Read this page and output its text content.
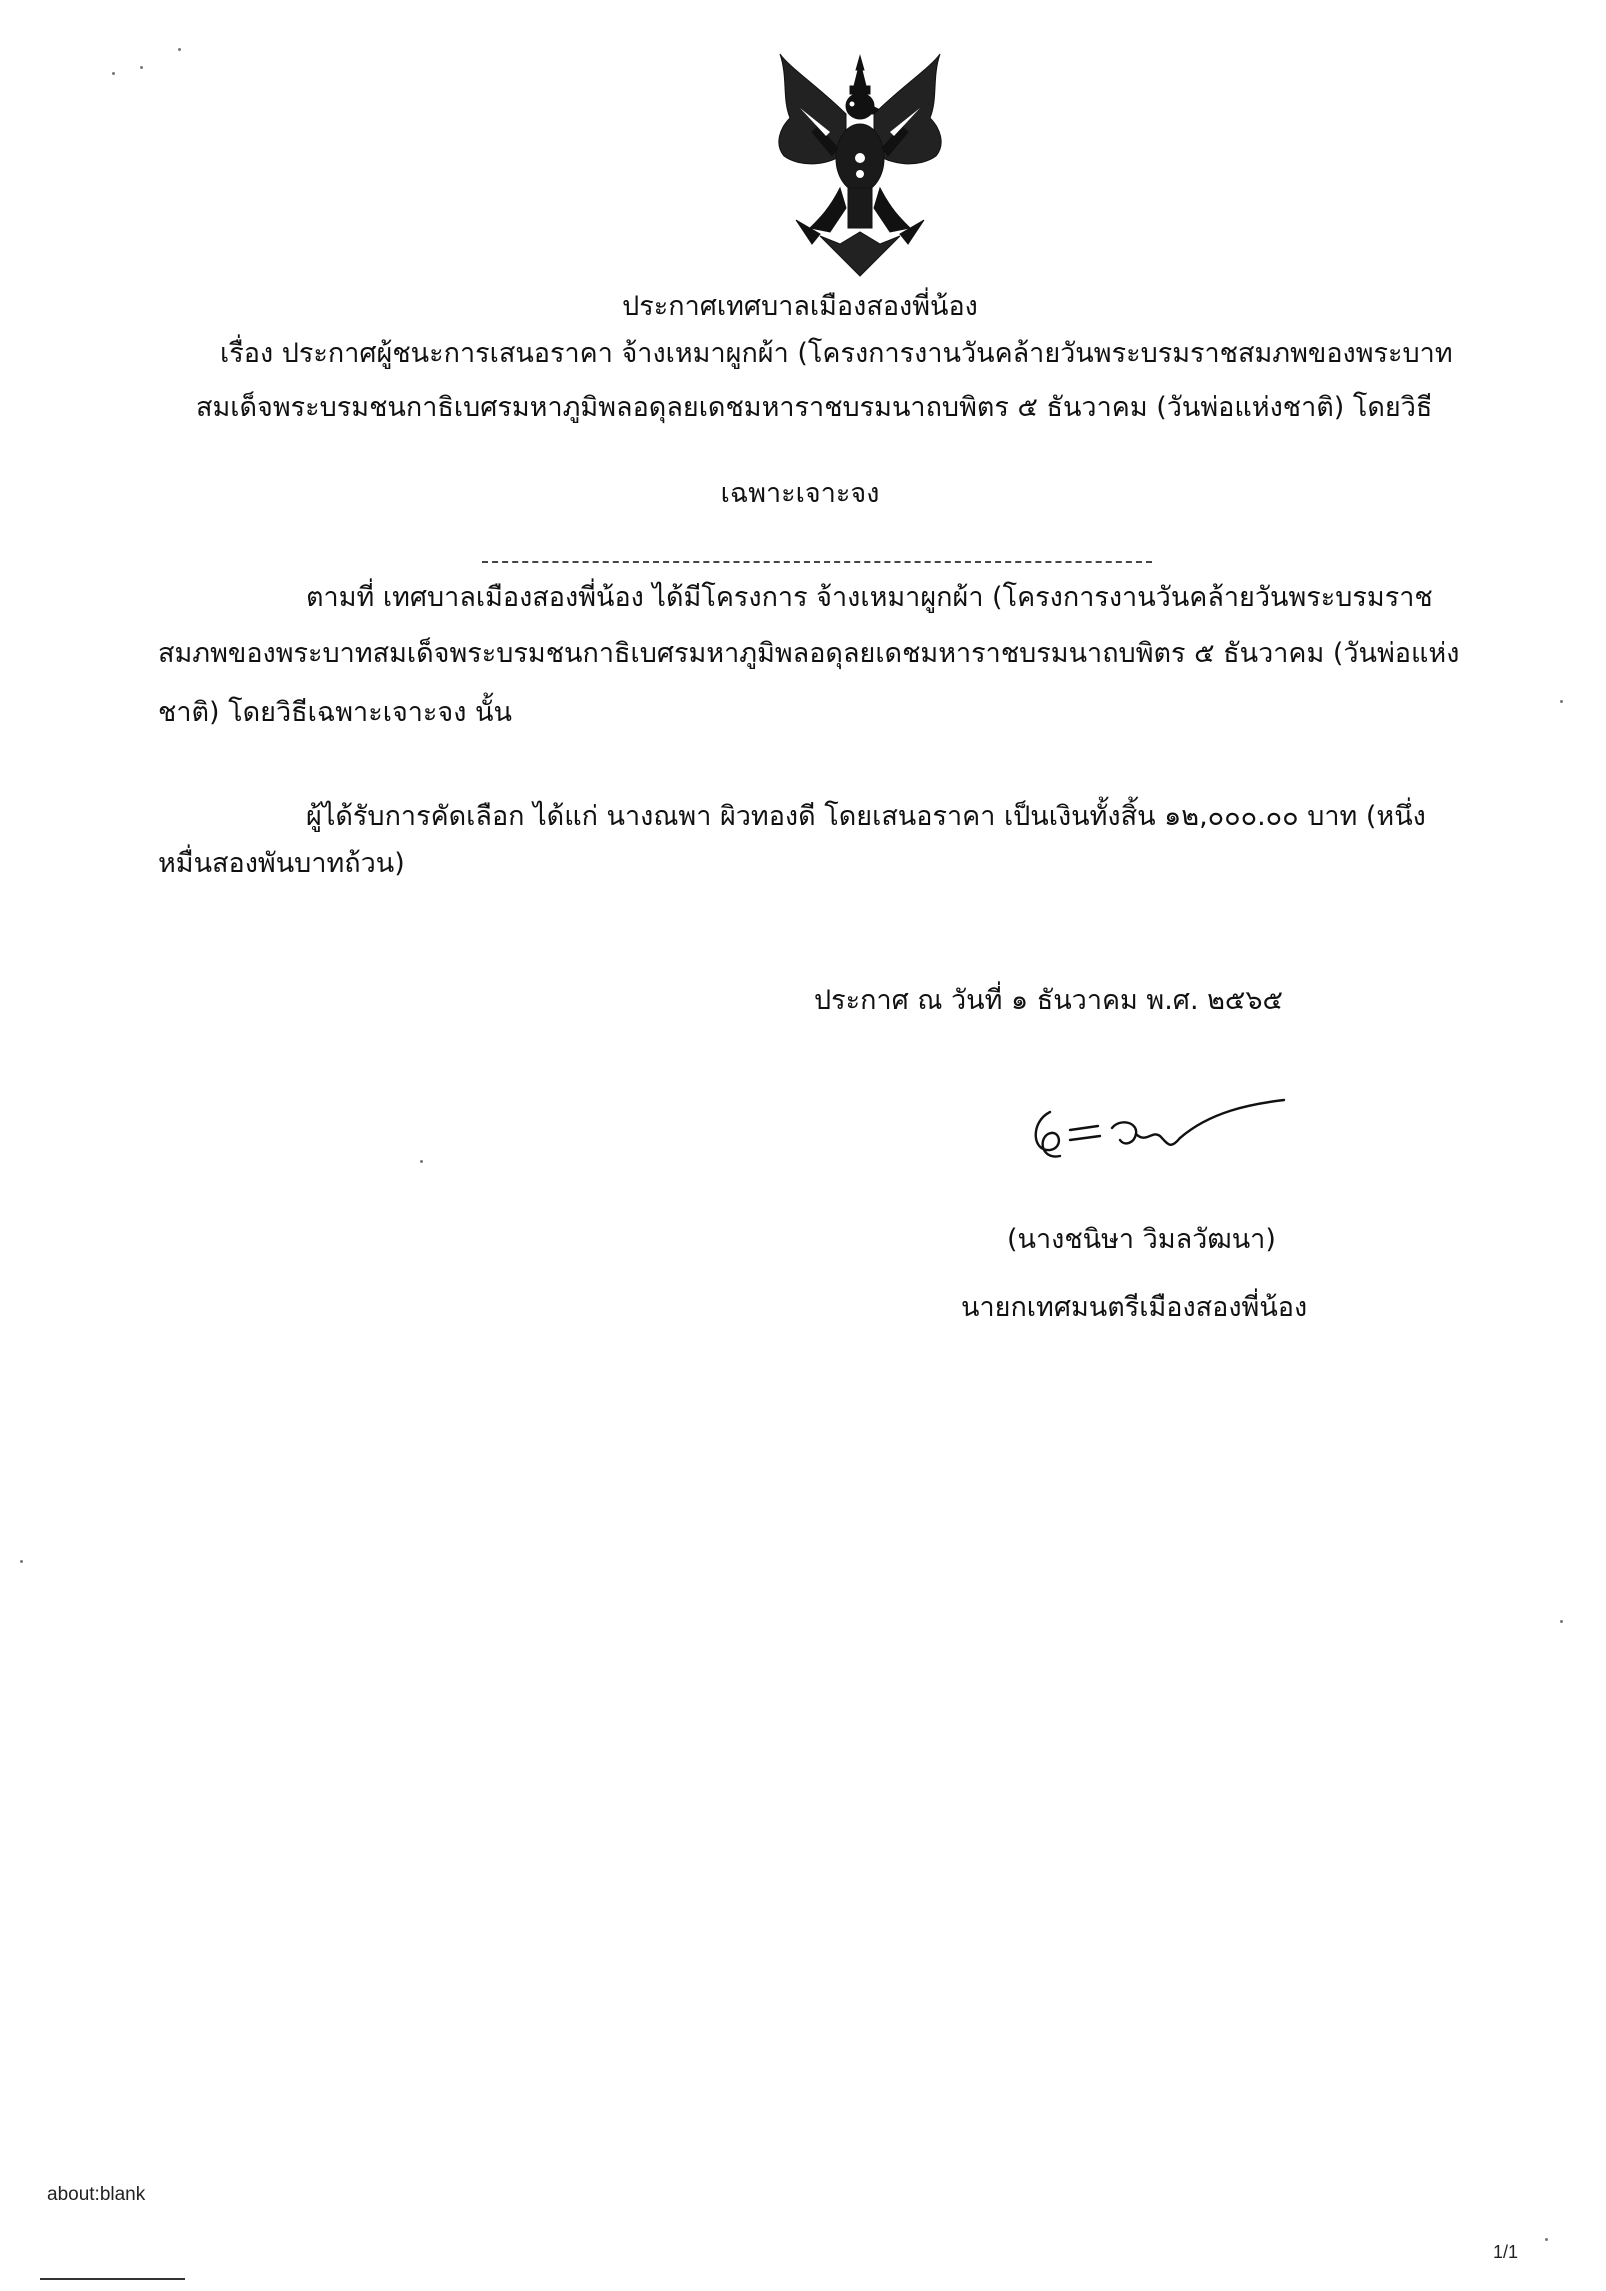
ประกาศเทศบาลเมืองสองพี่น้อง
เรื่อง ประกาศผู้ชนะการเสนอราคา จ้างเหมาผูกผ้า (โครงการงานวันคล้ายวันพระบรมราชสมภพของพระบาท
สมเด็จพระบรมชนกาธิเบศรมหาภูมิพลอดุลยเดชมหาราชบรมนาถบพิตร ๕ ธันวาคม (วันพ่อแห่งชาติ) โดยวิธี
เฉพาะเจาะจง
ตามที่ เทศบาลเมืองสองพี่น้อง ได้มีโครงการ จ้างเหมาผูกผ้า (โครงการงานวันคล้ายวันพระบรมราช
สมภพของพระบาทสมเด็จพระบรมชนกาธิเบศรมหาภูมิพลอดุลยเดชมหาราชบรมนาถบพิตร ๕ ธันวาคม (วันพ่อแห่ง
ชาติ) โดยวิธีเฉพาะเจาะจง นั้น
ผู้ได้รับการคัดเลือก ได้แก่ นางณพา ผิวทองดี โดยเสนอราคา เป็นเงินทั้งสิ้น ๑๒,๐๐๐.๐๐ บาท (หนึ่ง
หมื่นสองพันบาทถ้วน)
ประกาศ ณ วันที่ ๑ ธันวาคม พ.ศ. ๒๕๖๕
(นางชนิษา วิมลวัฒนา)
นายกเทศมนตรีเมืองสองพี่น้อง
about:blank
1/1
